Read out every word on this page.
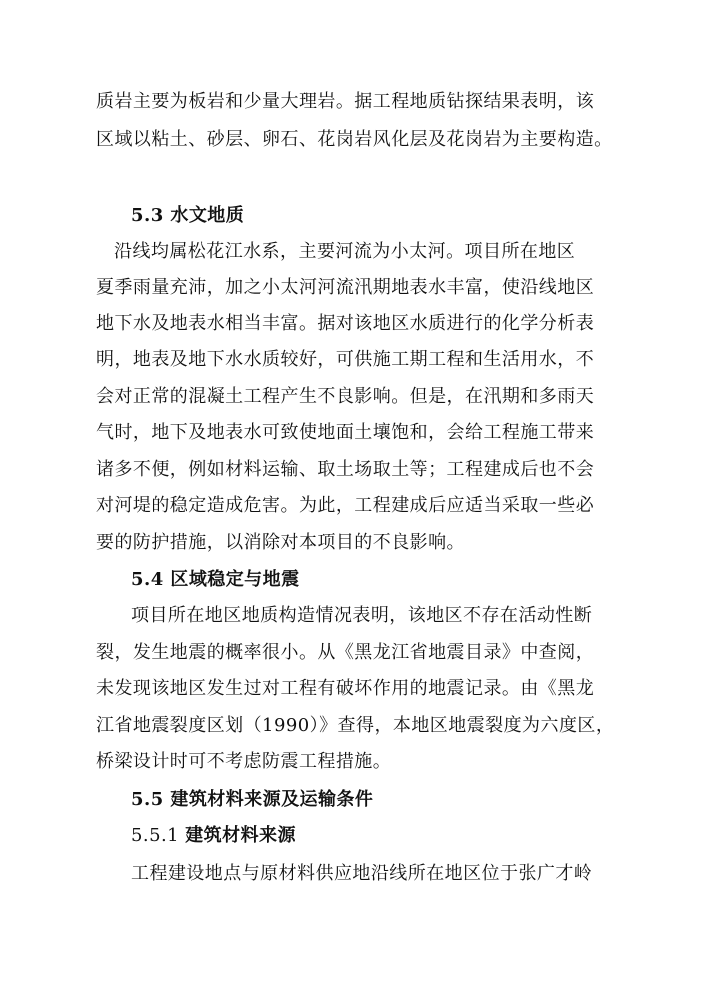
质岩主要为板岩和少量大理岩。据工程地质钻探结果表明，该
区域以粘土、砂层、卵石、花岗岩风化层及花岗岩为主要构造。
5.3 水文地质
沿线均属松花江水系，主要河流为小太河。项目所在地区
夏季雨量充沛，加之小太河河流汛期地表水丰富，使沿线地区
地下水及地表水相当丰富。据对该地区水质进行的化学分析表
明，地表及地下水水质较好，可供施工期工程和生活用水，不
会对正常的混凝土工程产生不良影响。但是，在汛期和多雨天
气时，地下及地表水可致使地面土壤饱和，会给工程施工带来
诸多不便，例如材料运输、取土场取土等；工程建成后也不会
对河堤的稳定造成危害。为此，工程建成后应适当采取一些必
要的防护措施，以消除对本项目的不良影响。
5.4 区域稳定与地震
项目所在地区地质构造情况表明，该地区不存在活动性断
裂，发生地震的概率很小。从《黑龙江省地震目录》中查阅，
未发现该地区发生过对工程有破坏作用的地震记录。由《黑龙
江省地震裂度区划（1990）》查得，本地区地震裂度为六度区，
桥梁设计时可不考虑防震工程措施。
5.5 建筑材料来源及运输条件
5.5.1 建筑材料来源
工程建设地点与原材料供应地沿线所在地区位于张广才岭
